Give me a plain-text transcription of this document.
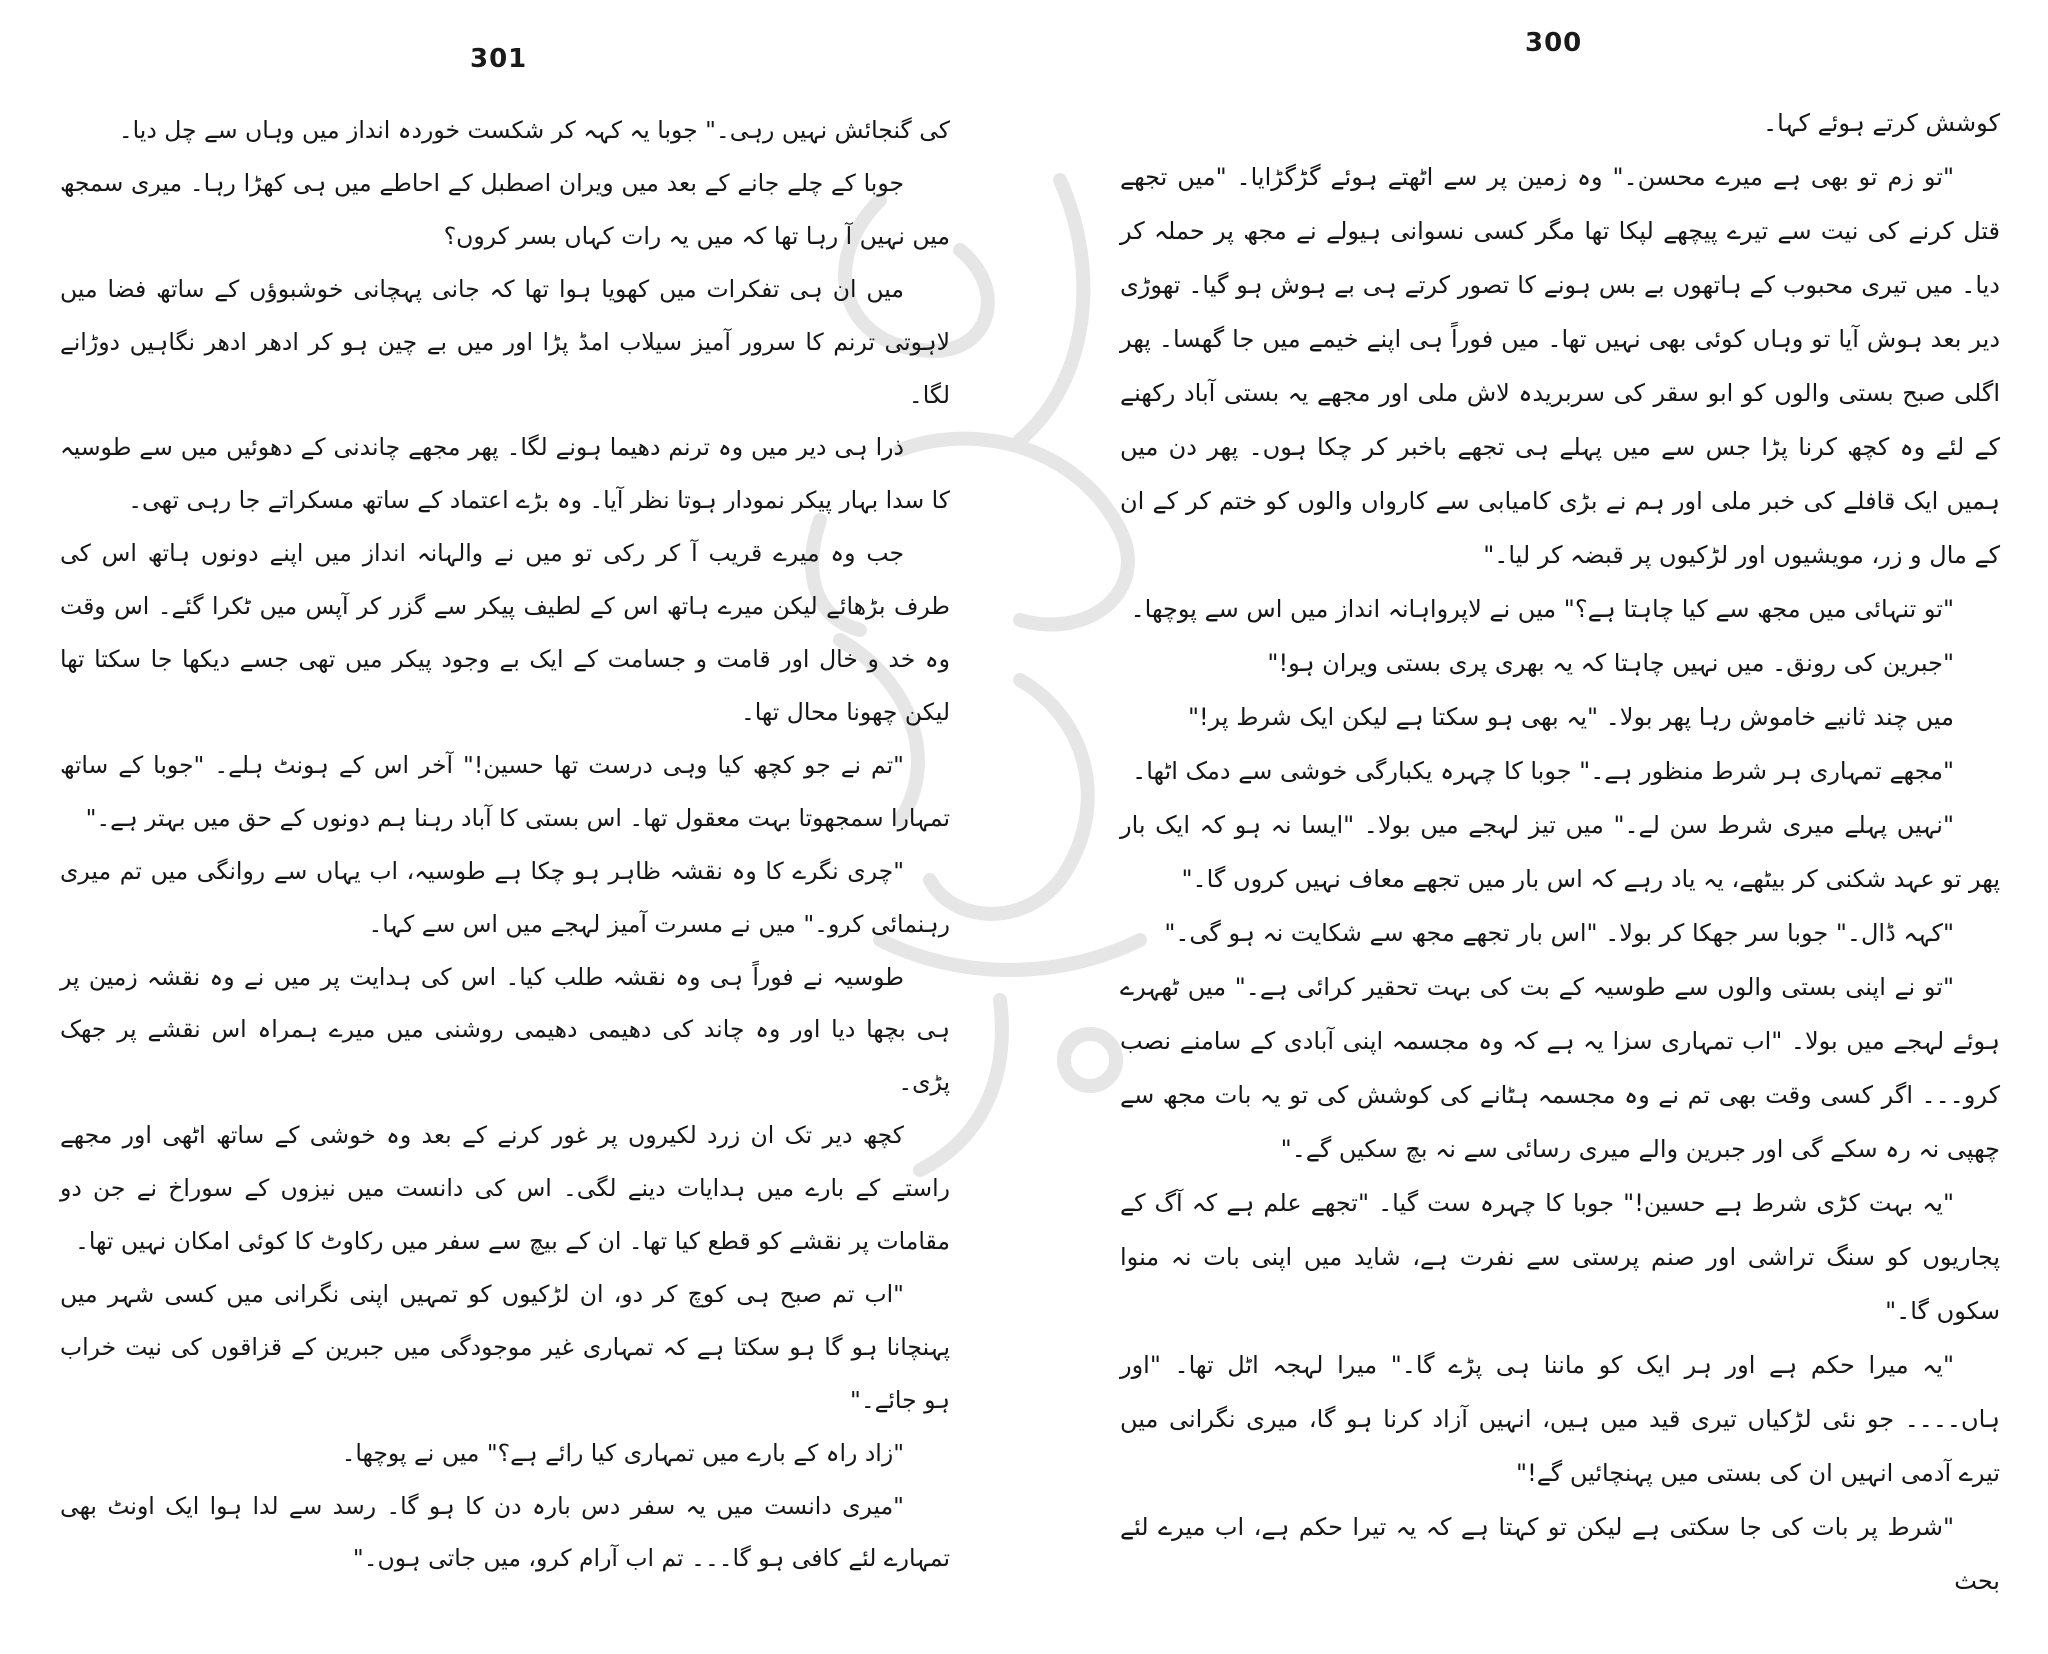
301

کی گنجائش نہیں رہی۔" جوبا یہ کہہ کر شکست خوردہ انداز میں وہاں سے چل دیا۔

جوبا کے چلے جانے کے بعد میں ویران اصطبل کے احاطے میں ہی کھڑا رہا۔ میری سمجھ میں نہیں آ رہا تھا کہ میں یہ رات کہاں بسر کروں؟

میں ان ہی تفکرات میں کھویا ہوا تھا کہ جانی پہچانی خوشبوؤں کے ساتھ فضا میں لاہوتی ترنم کا سرور آمیز سیلاب امڈ پڑا اور میں بے چین ہو کر ادھر ادھر نگاہیں دوڑانے لگا۔

ذرا ہی دیر میں وہ ترنم دھیما ہونے لگا۔ پھر مجھے چاندنی کے دھوئیں میں سے طوسیہ کا سدا بہار پیکر نمودار ہوتا نظر آیا۔ وہ بڑے اعتماد کے ساتھ مسکراتے جا رہی تھی۔

جب وہ میرے قریب آ کر رکی تو میں نے والہانہ انداز میں اپنے دونوں ہاتھ اس کی طرف بڑھائے لیکن میرے ہاتھ اس کے لطیف پیکر سے گزر کر آپس میں ٹکرا گئے۔ اس وقت وہ خد و خال اور قامت و جسامت کے ایک بے وجود پیکر میں تھی جسے دیکھا جا سکتا تھا لیکن چھونا محال تھا۔

"تم نے جو کچھ کیا وہی درست تھا حسین!" آخر اس کے ہونٹ ہلے۔ "جوبا کے ساتھ تمہارا سمجھوتا بہت معقول تھا۔ اس بستی کا آباد رہنا ہم دونوں کے حق میں بہتر ہے۔"

"چری نگرے کا وہ نقشہ ظاہر ہو چکا ہے طوسیہ، اب یہاں سے روانگی میں تم میری رہنمائی کرو۔" میں نے مسرت آمیز لہجے میں اس سے کہا۔

طوسیہ نے فوراً ہی وہ نقشہ طلب کیا۔ اس کی ہدایت پر میں نے وہ نقشہ زمین پر ہی بچھا دیا اور وہ چاند کی دھیمی دھیمی روشنی میں میرے ہمراہ اس نقشے پر جھک پڑی۔

کچھ دیر تک ان زرد لکیروں پر غور کرنے کے بعد وہ خوشی کے ساتھ اٹھی اور مجھے راستے کے بارے میں ہدایات دینے لگی۔ اس کی دانست میں نیزوں کے سوراخ نے جن دو مقامات پر نقشے کو قطع کیا تھا۔ ان کے بیچ سے سفر میں رکاوٹ کا کوئی امکان نہیں تھا۔

"اب تم صبح ہی کوچ کر دو، ان لڑکیوں کو تمہیں اپنی نگرانی میں کسی شہر میں پہنچانا ہو گا ہو سکتا ہے کہ تمہاری غیر موجودگی میں جبرین کے قزاقوں کی نیت خراب ہو جائے۔"

"زاد راہ کے بارے میں تمہاری کیا رائے ہے؟" میں نے پوچھا۔

"میری دانست میں یہ سفر دس بارہ دن کا ہو گا۔ رسد سے لدا ہوا ایک اونٹ بھی تمہارے لئے کافی ہو گا۔۔۔ تم اب آرام کرو، میں جاتی ہوں۔"

300

کوشش کرتے ہوئے کہا۔

"تو زم تو بھی ہے میرے محسن۔" وہ زمین پر سے اٹھتے ہوئے گڑگڑایا۔ "میں تجھے قتل کرنے کی نیت سے تیرے پیچھے لپکا تھا مگر کسی نسوانی ہیولے نے مجھ پر حملہ کر دیا۔ میں تیری محبوب کے ہاتھوں بے بس ہونے کا تصور کرتے ہی بے ہوش ہو گیا۔ تھوڑی دیر بعد ہوش آیا تو وہاں کوئی بھی نہیں تھا۔ میں فوراً ہی اپنے خیمے میں جا گھسا۔ پھر اگلی صبح بستی والوں کو ابو سقر کی سربریدہ لاش ملی اور مجھے یہ بستی آباد رکھنے کے لئے وہ کچھ کرنا پڑا جس سے میں پہلے ہی تجھے باخبر کر چکا ہوں۔ پھر دن میں ہمیں ایک قافلے کی خبر ملی اور ہم نے بڑی کامیابی سے کارواں والوں کو ختم کر کے ان کے مال و زر، مویشیوں اور لڑکیوں پر قبضہ کر لیا۔"

"تو تنہائی میں مجھ سے کیا چاہتا ہے؟" میں نے لاپرواہانہ انداز میں اس سے پوچھا۔

"جبرین کی رونق۔ میں نہیں چاہتا کہ یہ بھری پری بستی ویران ہو!"

میں چند ثانیے خاموش رہا پھر بولا۔ "یہ بھی ہو سکتا ہے لیکن ایک شرط پر!"

"مجھے تمہاری ہر شرط منظور ہے۔" جوبا کا چہرہ یکبارگی خوشی سے دمک اٹھا۔

"نہیں پہلے میری شرط سن لے۔" میں تیز لہجے میں بولا۔ "ایسا نہ ہو کہ ایک بار پھر تو عہد شکنی کر بیٹھے، یہ یاد رہے کہ اس بار میں تجھے معاف نہیں کروں گا۔"

"کہہ ڈال۔" جوبا سر جھکا کر بولا۔ "اس بار تجھے مجھ سے شکایت نہ ہو گی۔"

"تو نے اپنی بستی والوں سے طوسیہ کے بت کی بہت تحقیر کرائی ہے۔" میں ٹھہرے ہوئے لہجے میں بولا۔ "اب تمہاری سزا یہ ہے کہ وہ مجسمہ اپنی آبادی کے سامنے نصب کرو۔۔۔ اگر کسی وقت بھی تم نے وہ مجسمہ ہٹانے کی کوشش کی تو یہ بات مجھ سے چھپی نہ رہ سکے گی اور جبرین والے میری رسائی سے نہ بچ سکیں گے۔"

"یہ بہت کڑی شرط ہے حسین!" جوبا کا چہرہ ست گیا۔ "تجھے علم ہے کہ آگ کے پجاریوں کو سنگ تراشی اور صنم پرستی سے نفرت ہے، شاید میں اپنی بات نہ منوا سکوں گا۔"

"یہ میرا حکم ہے اور ہر ایک کو ماننا ہی پڑے گا۔" میرا لہجہ اٹل تھا۔ "اور ہاں۔۔۔۔ جو نئی لڑکیاں تیری قید میں ہیں، انہیں آزاد کرنا ہو گا، میری نگرانی میں تیرے آدمی انہیں ان کی بستی میں پہنچائیں گے!"

"شرط پر بات کی جا سکتی ہے لیکن تو کہتا ہے کہ یہ تیرا حکم ہے، اب میرے لئے بحث
